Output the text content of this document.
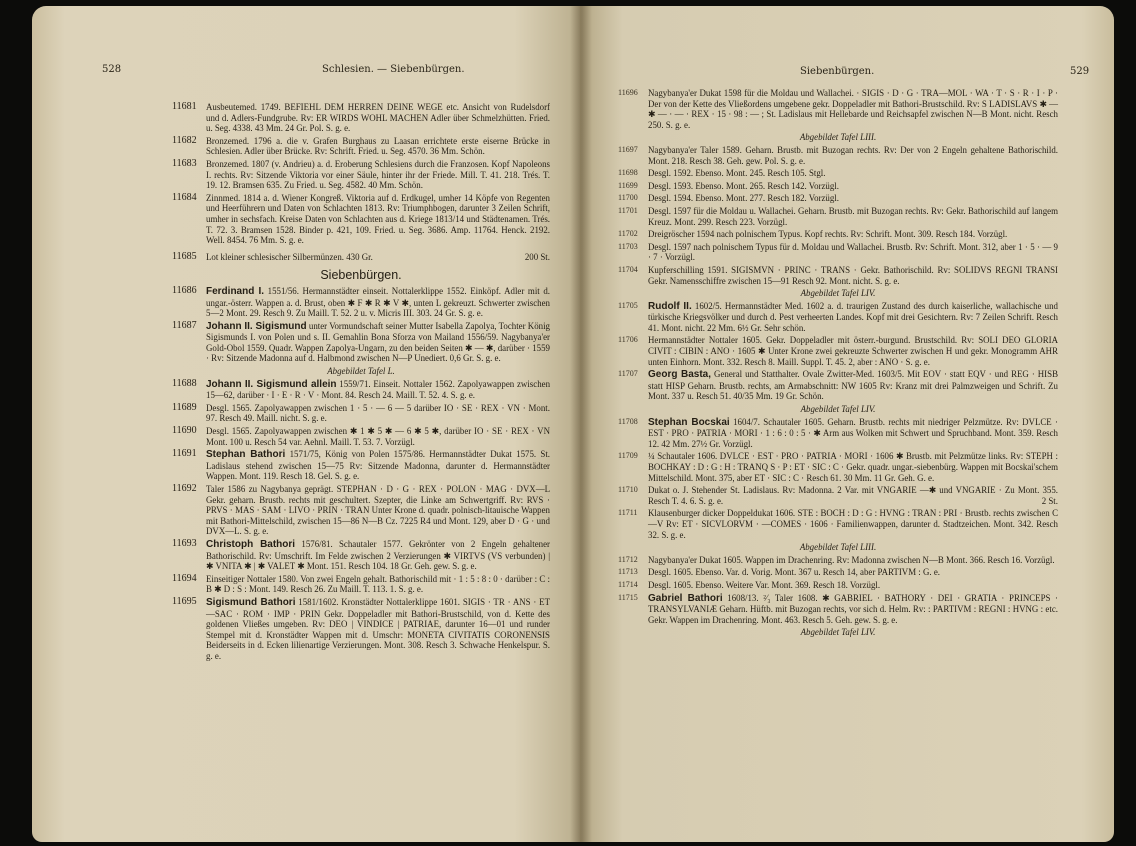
528	Schlesien. — Siebenbürgen.
11681 Ausbeutemed. 1749. BEFIEHL DEM HERREN DEINE WEGE etc. Ansicht von Rudelsdorf und d. Adlers-Fundgrube. Rv: ER WIRDS WOHL MACHEN Adler über Schmelzhütten. Fried. u. Seg. 4338. 43 Mm. 24 Gr. Pol. S. g. e.
11682 Bronzemed. 1796 a. die v. Grafen Burghaus zu Laasan errichtete erste eiserne Brücke in Schlesien. Adler über Brücke. Rv: Schrift. Fried. u. Seg. 4570. 36 Mm. Schön.
11683 Bronzemed. 1807 (v. Andrieu) a. d. Eroberung Schlesiens durch die Franzosen. Kopf Napoleons I. rechts. Rv: Sitzende Viktoria vor einer Säule, hinter ihr der Friede. Mill. T. 41. 218. Trés. T. 19. 12. Bramsen 635. Zu Fried. u. Seg. 4582. 40 Mm. Schön.
11684 Zinnmed. 1814 a. d. Wiener Kongreß. Viktoria auf d. Erdkugel, umher 14 Köpfe von Regenten und Heerführern und Daten von Schlachten 1813. Rv: Triumphbogen, darunter 3 Zeilen Schrift, umher in sechsfach. Kreise Daten von Schlachten aus d. Kriege 1813/14 und Städtenamen. Trés. T. 72. 3. Bramsen 1528. Binder p. 421, 109. Fried. u. Seg. 3686. Amp. 11764. Henck. 2192. Well. 8454. 76 Mm. S. g. e.
11685 Lot kleiner schlesischer Silbermünzen. 430 Gr.	200 St.
Siebenbürgen.
11686 Ferdinand I. 1551/56. Hermannstädter einseit. Nottalerklippe 1552. Einköpf. Adler mit d. ungar.-österr. Wappen a. d. Brust, oben ✱ F ✱ R ✱ V ✱, unten L gekreuzt. Schwerter zwischen 5—2 Mont. 29. Resch 9. Zu Maill. T. 52. 2 u. v. Micris III. 303. 24 Gr. S. g. e.
11687 Johann II. Sigismund unter Vormundschaft seiner Mutter Isabella Zapolya, Tochter König Sigismunds I. von Polen und s. II. Gemahlin Bona Sforza von Mailand 1556/59. Nagybanya'er Gold-Obol 1559. Quadr. Wappen Zapolya-Ungarn, zu den beiden Seiten ✱ — ✱, darüber · 1559 · Rv: Sitzende Madonna auf d. Halbmond zwischen N—P Unediert. 0,6 Gr. S. g. e.
Abgebildet Tafel L.
11688 Johann II. Sigismund allein 1559/71. Einseit. Nottaler 1562. Zapolyawappen zwischen 15—62, darüber · I · E · R · V · Mont. 84. Resch 24. Maill. T. 52. 4. S. g. e.
11689 Desgl. 1565. Zapolyawappen zwischen 1 · 5 · — 6 — 5 darüber IO · SE · REX · VN · Mont. 97. Resch 49. Maill. nicht. S. g. e.
11690 Desgl. 1565. Zapolyawappen zwischen ✱ 1 ✱ 5 ✱ — 6 ✱ 5 ✱, darüber IO · SE · REX · VN Mont. 100 u. Resch 54 var. Aehnl. Maill. T. 53. 7. Vorzügl.
11691 Stephan Bathori 1571/75, König von Polen 1575/86. Hermannstädter Dukat 1575. St. Ladislaus stehend zwischen 15—75 Rv: Sitzende Madonna, darunter d. Hermannstädter Wappen. Mont. 119. Resch 18. Gel. S. g. e.
11692 Taler 1586 zu Nagybanya geprägt. STEPHAN · D · G · REX · POLON · MAG · DVX—L Gekr. geharn. Brustb. rechts mit geschultert. Szepter, die Linke am Schwertgriff. Rv: RVS · PRVS · MAS · SAM · LIVO · PRIN · TRAN Unter Krone d. quadr. polnisch-litauische Wappen mit Bathori-Mittelschild, zwischen 15—86 N—B Cz. 7225 R4 und Mont. 129, aber D · G · und DVX—L. S. g. e.
11693 Christoph Bathori 1576/81. Schautaler 1577. Gekrönter von 2 Engeln gehaltener Bathorischild. Rv: Umschrift. Im Felde zwischen 2 Verzierungen ✱ VIRTVS (VS verbunden) | ✱ VNITA ✱ | ✱ VALET ✱ Mont. 151. Resch 104. 18 Gr. Geh. gew. S. g. e.
11694 Einseitiger Nottaler 1580. Von zwei Engeln gehalt. Bathorischild mit · 1 : 5 : 8 : 0 · darüber : C : B ✱ D : S : Mont. 149. Resch 26. Zu Maill. T. 113. 1. S. g. e.
11695 Sigismund Bathori 1581/1602. Kronstädter Nottalerklippe 1601. SIGIS · TR · ANS · ET—SAC · ROM · IMP · PRIN Gekr. Doppeladler mit Bathori-Brustschild, von d. Kette des goldenen Vließes umgeben. Rv: DEO | VINDICE | PATRIAE, darunter 16—01 und runder Stempel mit d. Kronstädter Wappen mit d. Umschr: MONETA CIVITATIS CORONENSIS Beiderseits in d. Ecken lilienartige Verzierungen. Mont. 308. Resch 3. Schwache Henkelspur. S. g. e.
Siebenbürgen.	529
11696 Nagybanya'er Dukat 1598 für die Moldau und Wallachei. · SIGIS · D · G · TRA—MOL · WA · T · S · R · I · P · Der von der Kette des Vließordens umgebene gekr. Doppeladler mit Bathori-Brustschild. Rv: S LADISLAVS ✱ — ✱ — · — · REX · 15 · 98 : — ; St. Ladislaus mit Hellebarde und Reichsapfel zwischen N—B Mont. nicht. Resch 250. S. g. e.
Abgebildet Tafel LIII.
11697 Nagybanya'er Taler 1589. Geharn. Brustb. mit Buzogan rechts. Rv: Der von 2 Engeln gehaltene Bathorischild. Mont. 218. Resch 38. Geh. gew. Pol. S. g. e.
11698 Desgl. 1592. Ebenso. Mont. 245. Resch 105. Stgl.
11699 Desgl. 1593. Ebenso. Mont. 265. Resch 142. Vorzügl.
11700 Desgl. 1594. Ebenso. Mont. 277. Resch 182. Vorzügl.
11701 Desgl. 1597 für die Moldau u. Wallachei. Geharn. Brustb. mit Buzogan rechts. Rv: Gekr. Bathorischild auf langem Kreuz. Mont. 299. Resch 223. Vorzügl.
11702 Dreigröscher 1594 nach polnischem Typus. Kopf rechts. Rv: Schrift. Mont. 309. Resch 184. Vorzügl.
11703 Desgl. 1597 nach polnischem Typus für d. Moldau und Wallachei. Brustb. Rv: Schrift. Mont. 312, aber 1 · 5 · — 9 · 7 · Vorzügl.
11704 Kupferschilling 1591. SIGISMVN · PRINC · TRANS · Gekr. Bathorischild. Rv: SOLIDVS REGNI TRANSI Gekr. Namensschiffre zwischen 15—91 Resch 92. Mont. nicht. S. g. e.
Abgebildet Tafel LIV.
11705 Rudolf II. 1602/5. Hermannstädter Med. 1602 a. d. traurigen Zustand des durch kaiserliche, wallachische und türkische Kriegsvölker und durch d. Pest verheerten Landes. Kopf mit drei Gesichtern. Rv: 7 Zeilen Schrift. Resch 41. Mont. nicht. 22 Mm. 6½ Gr. Sehr schön.
11706 Hermannstädter Nottaler 1605. Gekr. Doppeladler mit österr.-burgund. Brustschild. Rv: SOLI DEO GLORIA CIVIT : CIBIN : ANO · 1605 ✱ Unter Krone zwei gekreuzte Schwerter zwischen H und gekr. Monogramm AHR unten Einhorn. Mont. 332. Resch 8. Maill. Suppl. T. 45. 2, aber : ANO · S. g. e.
11707 Georg Basta, General und Statthalter. Ovale Zwitter-Med. 1603/5. Mit EOV · statt EQV · und REG · HISB statt HISP Geharn. Brustb. rechts, am Armabschnitt: NW 1605 Rv: Kranz mit drei Palmzweigen und Schrift. Zu Mont. 337 u. Resch 51. 40/35 Mm. 19 Gr. Schön.
Abgebildet Tafel LIV.
11708 Stephan Bocskai 1604/7. Schautaler 1605. Geharn. Brustb. rechts mit niedriger Pelzmütze. Rv: DVLCE · EST · PRO · PATRIA · MORI · 1 : 6 : 0 : 5 · ✱ Arm aus Wolken mit Schwert und Spruchband. Mont. 359. Resch 12. 42 Mm. 27½ Gr. Vorzügl.
11709 ¼ Schautaler 1606. DVLCE · EST · PRO · PATRIA · MORI · 1606 ✱ Brustb. mit Pelzmütze links. Rv: STEPH : BOCHKAY : D : G : H : TRANQ S · P : ET · SIC : C · Gekr. quadr. ungar.-siebenbürg. Wappen mit Bocskai'schem Mittelschild. Mont. 375, aber ET · SIC : C · Resch 61. 30 Mm. 11 Gr. Geh. G. e.
11710 Dukat o. J. Stehender St. Ladislaus. Rv: Madonna. 2 Var. mit VNGARIE —✱ und VNGARIE · Zu Mont. 355. Resch T. 4. 6. S. g. e.	2 St.
11711 Klausenburger dicker Doppeldukat 1606. STE : BOCH : D : G : HVNG : TRAN : PRI · Brustb. rechts zwischen C—V Rv: ET · SICVLORVM · —COMES · 1606 · Familienwappen, darunter d. Stadtzeichen. Mont. 342. Resch 32. S. g. e.
Abgebildet Tafel LIII.
11712 Nagybanya'er Dukat 1605. Wappen im Drachenring. Rv: Madonna zwischen N—B Mont. 366. Resch 16. Vorzügl.
11713 Desgl. 1605. Ebenso. Var. d. Vorig. Mont. 367 u. Resch 14, aber PARTIVM : G. e.
11714 Desgl. 1605. Ebenso. Weitere Var. Mont. 369. Resch 18. Vorzügl.
11715 Gabriel Bathori 1608/13. ²⁄₃ Taler 1608. ✱ GABRIEL · BATHORY · DEI · GRATIA · PRINCEPS · TRANSYLVANIÆ Geharn. Hüftb. mit Buzogan rechts, vor sich d. Helm. Rv: : PARTIVM : REGNI : HVNG : etc. Gekr. Wappen im Drachenring. Mont. 463. Resch 5. Geh. gew. S. g. e.
Abgebildet Tafel LIV.
